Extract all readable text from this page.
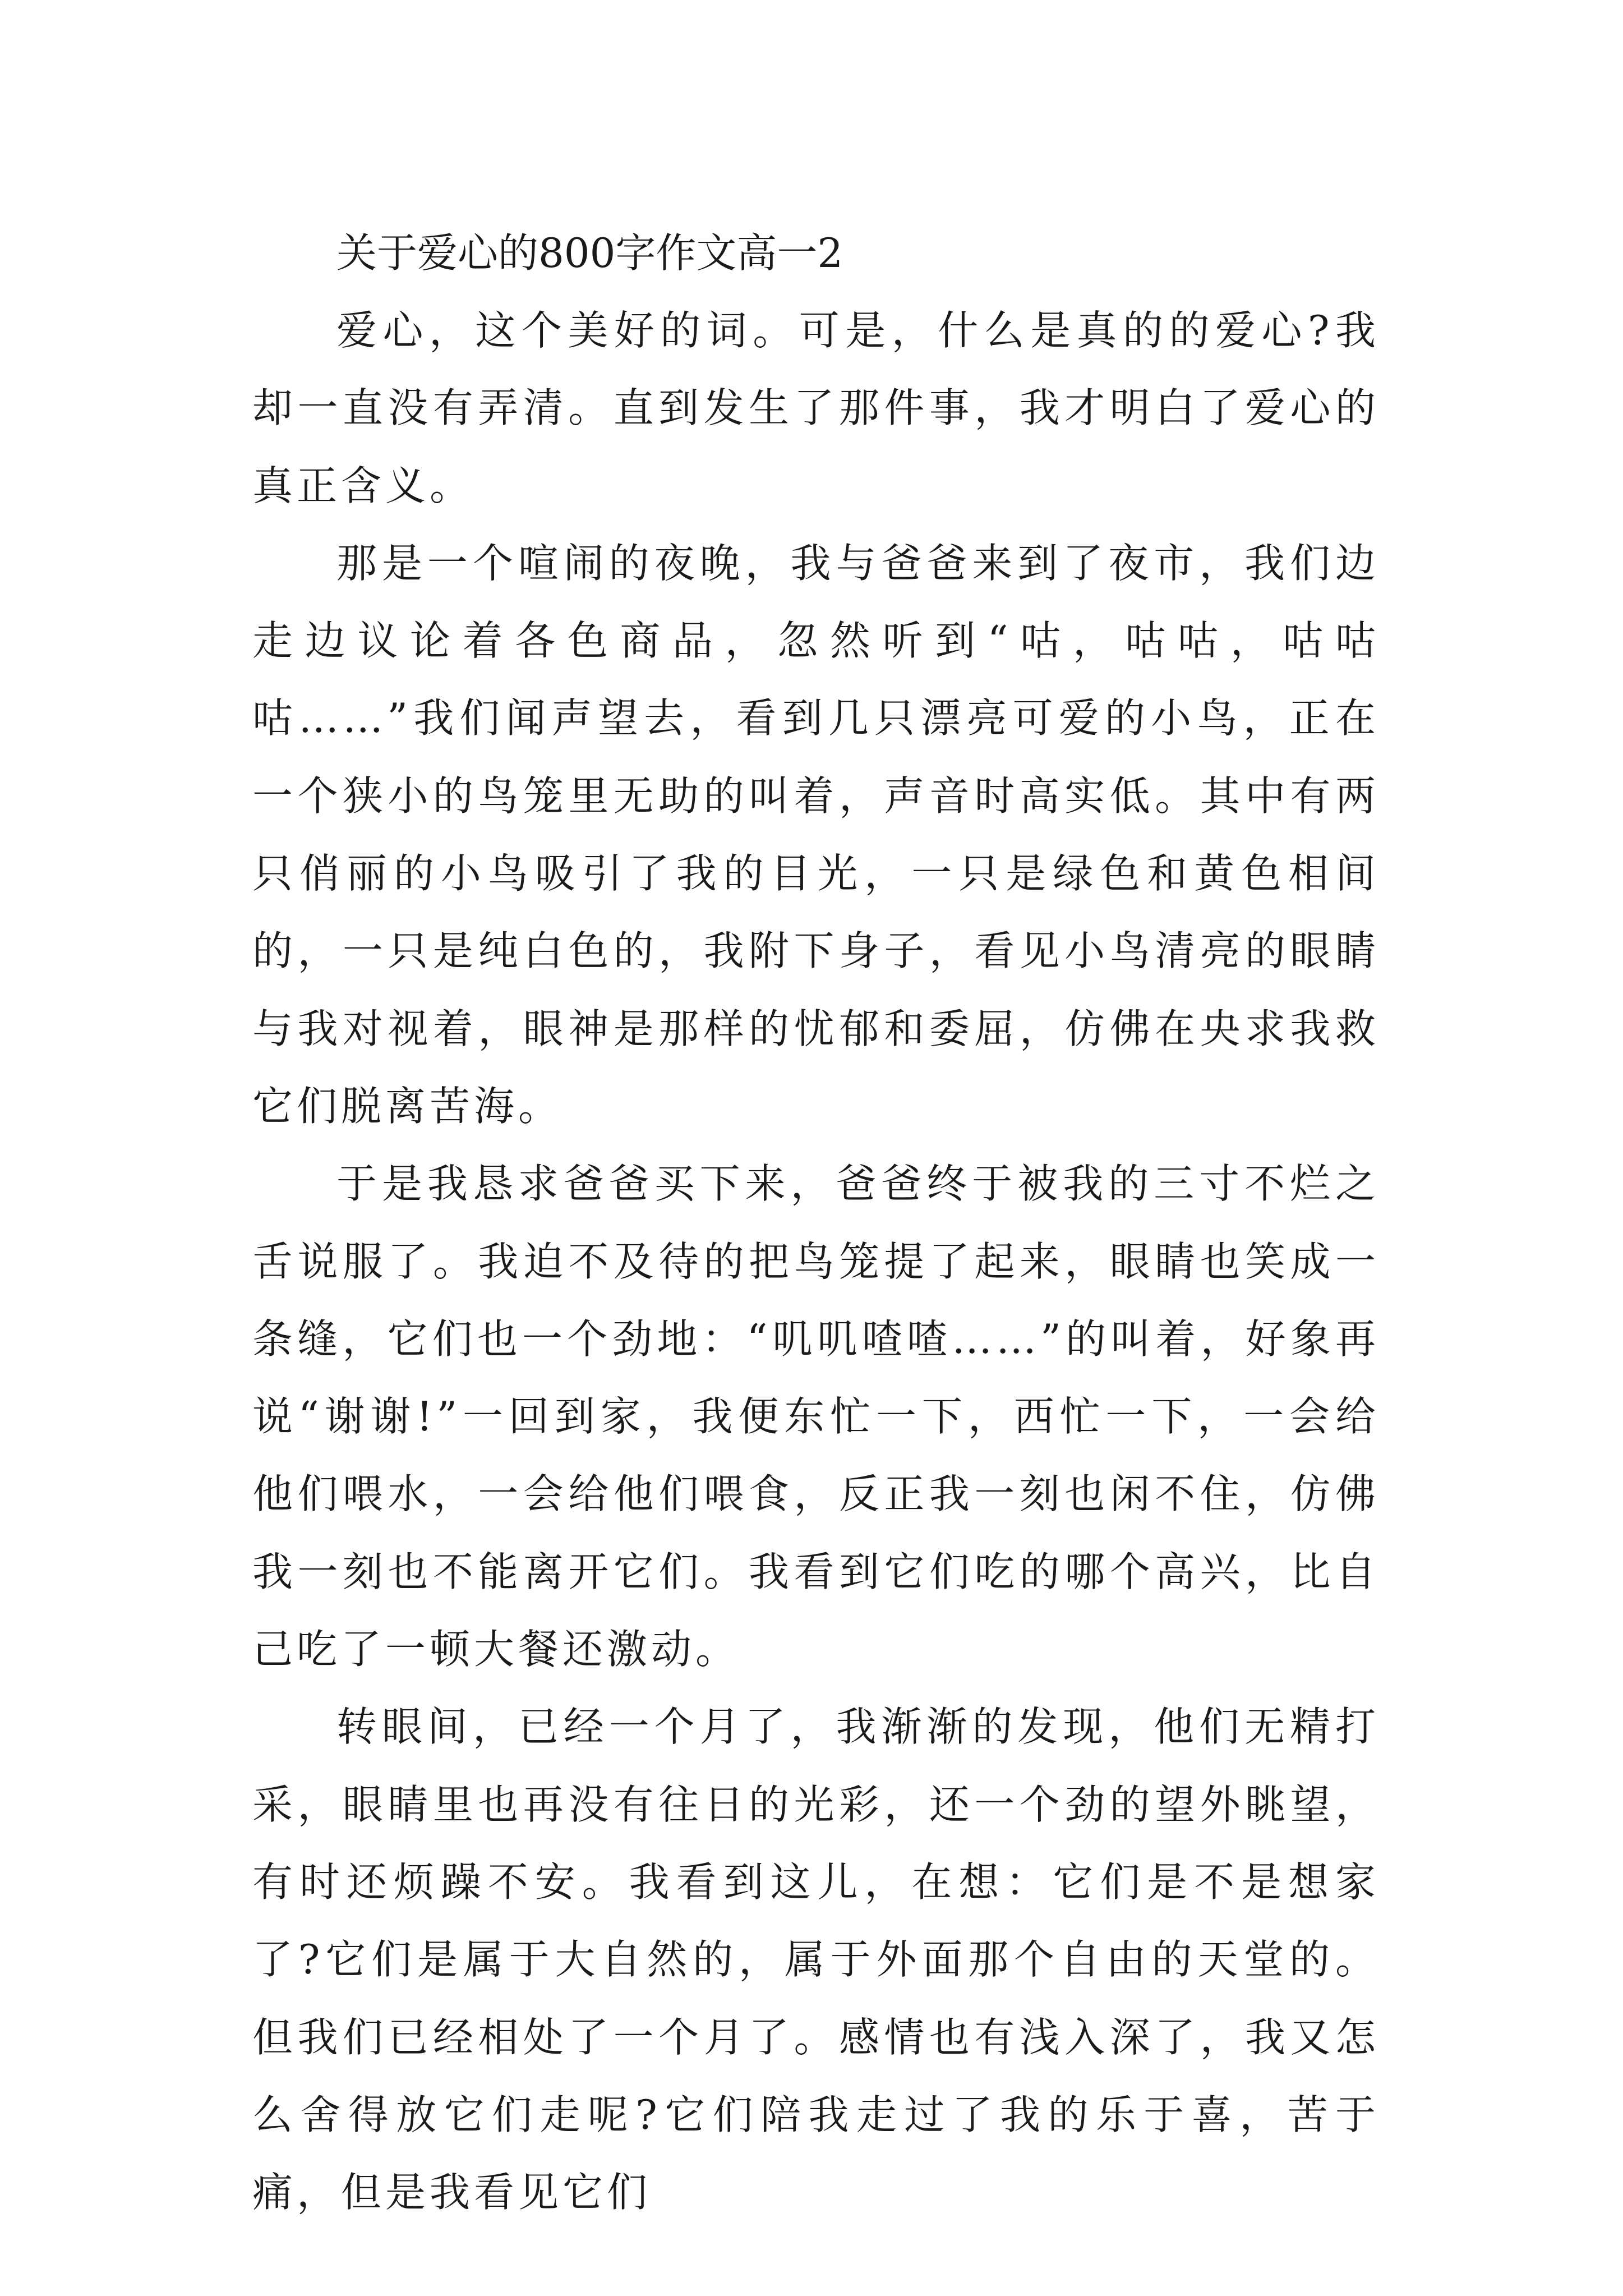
关于爱心的800字作文高一2

爱心，这个美好的词。可是，什么是真的的爱心?我却一直没有弄清。直到发生了那件事，我才明白了爱心的真正含义。

那是一个喧闹的夜晚，我与爸爸来到了夜市，我们边走边议论着各色商品，忽然听到“咕，咕咕，咕咕咕……”我们闻声望去，看到几只漂亮可爱的小鸟，正在一个狭小的鸟笼里无助的叫着，声音时高实低。其中有两只俏丽的小鸟吸引了我的目光，一只是绿色和黄色相间的，一只是纯白色的，我附下身子，看见小鸟清亮的眼睛与我对视着，眼神是那样的忧郁和委屈，仿佛在央求我救它们脱离苦海。

于是我恳求爸爸买下来，爸爸终于被我的三寸不烂之舌说服了。我迫不及待的把鸟笼提了起来，眼睛也笑成一条缝，它们也一个劲地：“叽叽喳喳……”的叫着，好象再说“谢谢!”一回到家，我便东忙一下，西忙一下，一会给他们喂水，一会给他们喂食，反正我一刻也闲不住，仿佛我一刻也不能离开它们。我看到它们吃的哪个高兴，比自己吃了一顿大餐还激动。

转眼间，已经一个月了，我渐渐的发现，他们无精打采，眼睛里也再没有往日的光彩，还一个劲的望外眺望，有时还烦躁不安。我看到这儿，在想：它们是不是想家了?它们是属于大自然的，属于外面那个自由的天堂的。但我们已经相处了一个月了。感情也有浅入深了，我又怎么舍得放它们走呢?它们陪我走过了我的乐于喜，苦于痛，但是我看见它们
